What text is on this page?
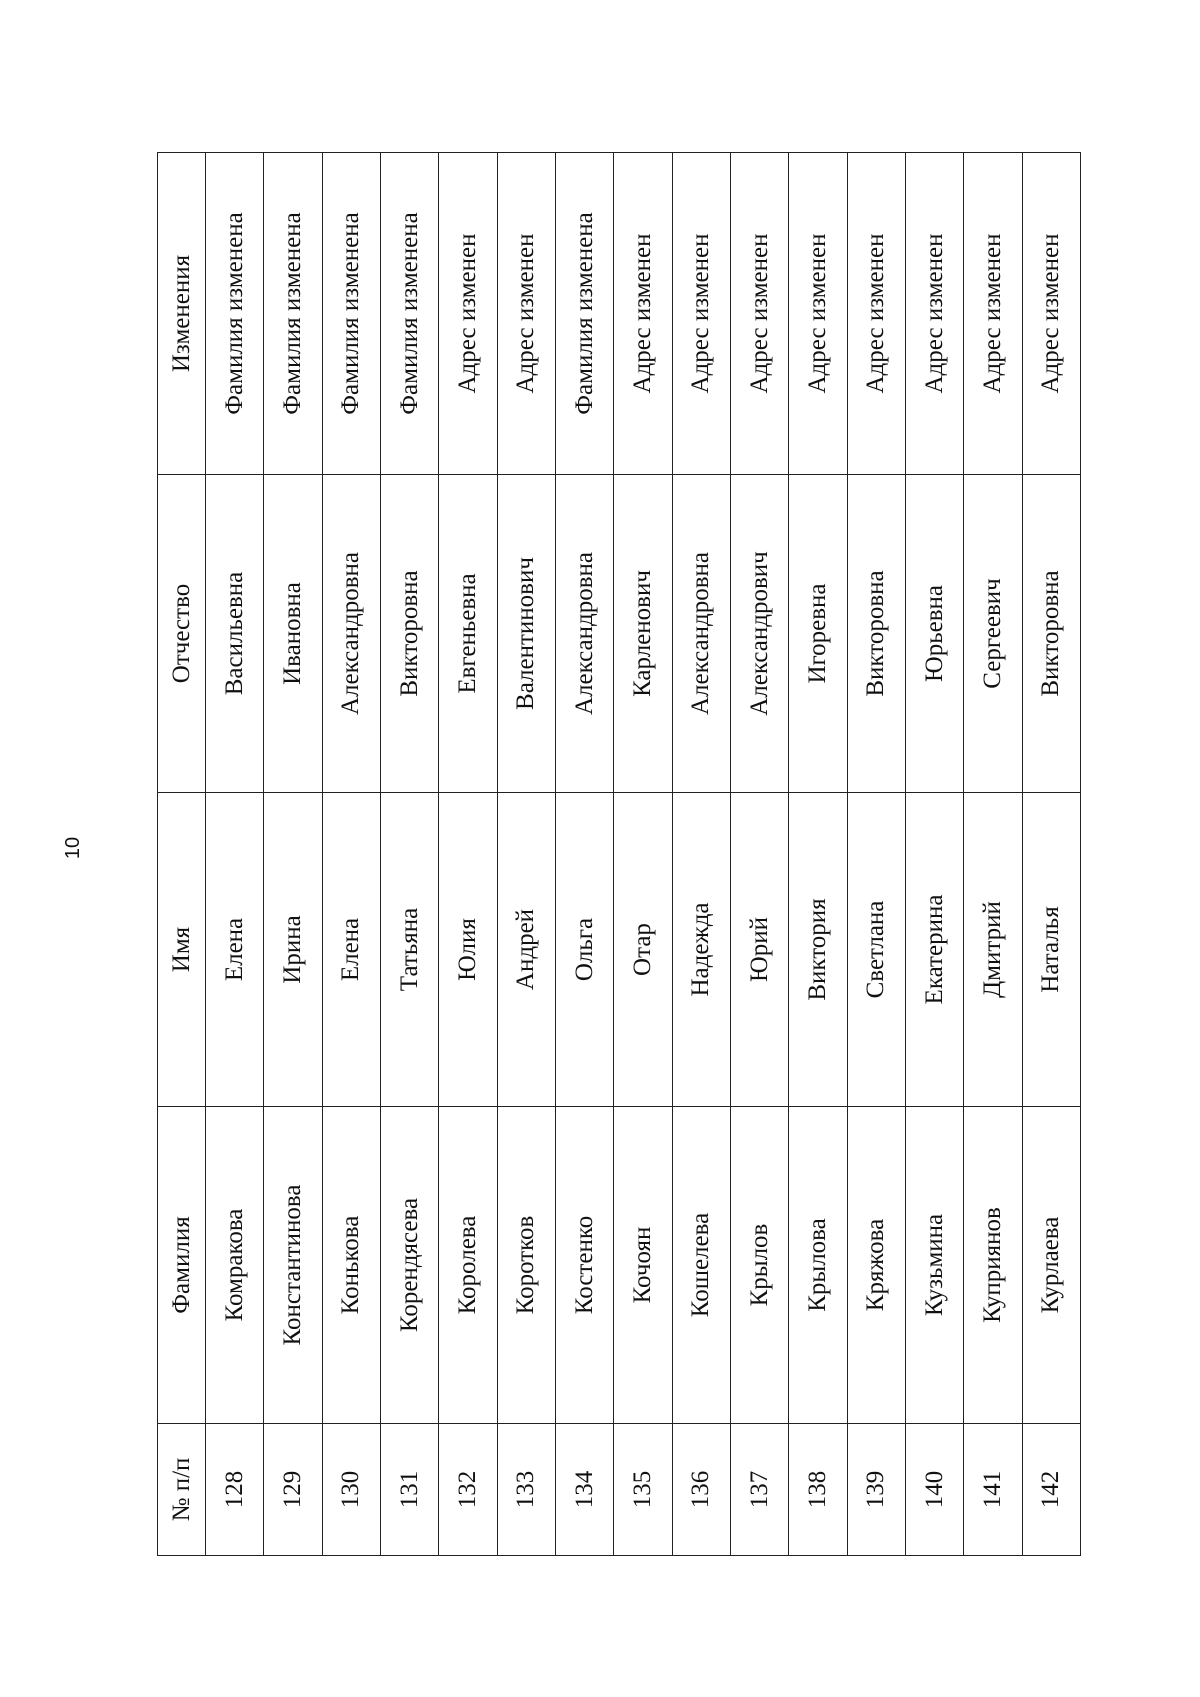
10
№ п/п	Фамилия	Имя	Отчество	Изменения
128	Комракова	Елена	Васильевна	Фамилия изменена
129	Константинова	Ирина	Ивановна	Фамилия изменена
130	Конькова	Елена	Александровна	Фамилия изменена
131	Корендясева	Татьяна	Викторовна	Фамилия изменена
132	Королева	Юлия	Евгеньевна	Адрес изменен
133	Коротков	Андрей	Валентинович	Адрес изменен
134	Костенко	Ольга	Александровна	Фамилия изменена
135	Кочоян	Отар	Карленович	Адрес изменен
136	Кошелева	Надежда	Александровна	Адрес изменен
137	Крылов	Юрий	Александрович	Адрес изменен
138	Крылова	Виктория	Игоревна	Адрес изменен
139	Кряжова	Светлана	Викторовна	Адрес изменен
140	Кузьмина	Екатерина	Юрьевна	Адрес изменен
141	Куприянов	Дмитрий	Сергеевич	Адрес изменен
142	Курлаева	Наталья	Викторовна	Адрес изменен
